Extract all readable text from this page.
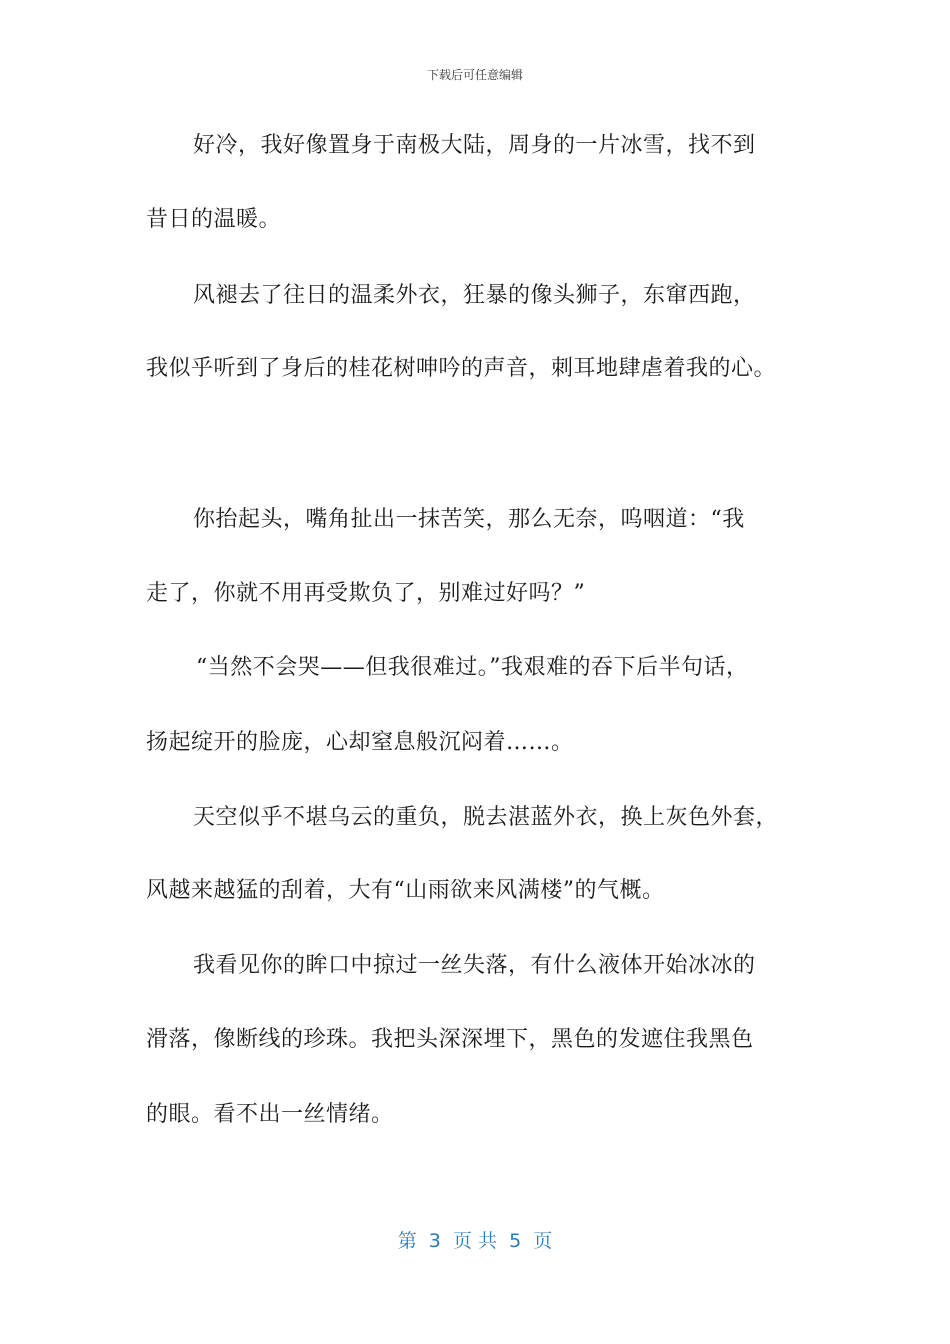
下载后可任意编辑
好冷，我好像置身于南极大陆，周身的一片冰雪，找不到
昔日的温暖。
风褪去了往日的温柔外衣，狂暴的像头狮子，东窜西跑，
我似乎听到了身后的桂花树呻吟的声音，刺耳地肆虐着我的心。
你抬起头，嘴角扯出一抹苦笑，那么无奈，呜咽道：“我
走了，你就不用再受欺负了，别难过好吗？”
“当然不会哭——但我很难过。”我艰难的吞下后半句话，
扬起绽开的脸庞，心却窒息般沉闷着……。
天空似乎不堪乌云的重负，脱去湛蓝外衣，换上灰色外套，
风越来越猛的刮着，大有“山雨欲来风满楼”的气概。
我看见你的眸口中掠过一丝失落，有什么液体开始冰冰的
滑落，像断线的珍珠。我把头深深埋下，黑色的发遮住我黑色
的眼。看不出一丝情绪。
第  3  页 共  5  页
